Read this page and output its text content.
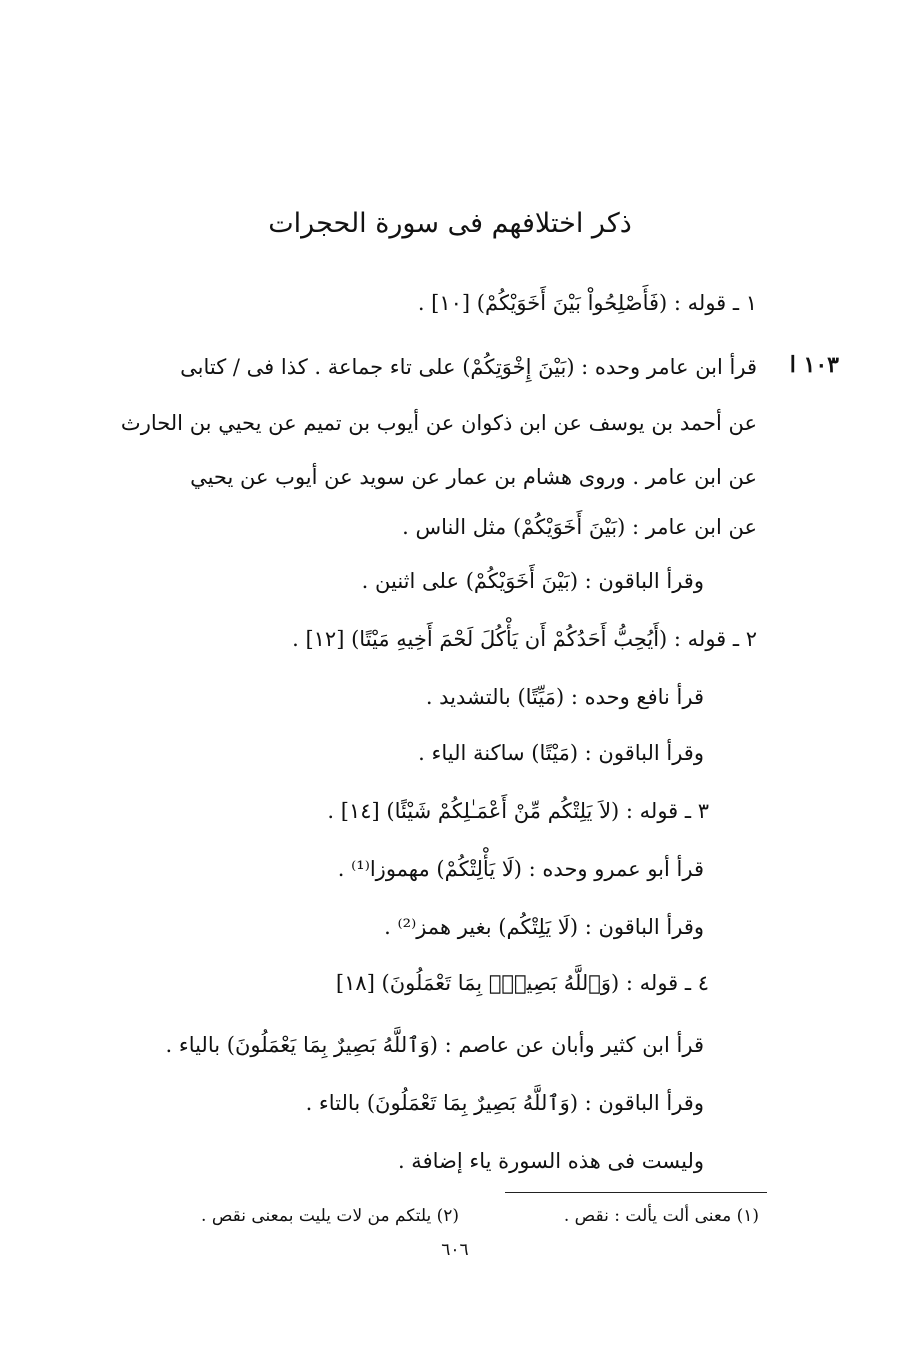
ذكر اختلافهم فى سورة الحجرات
١٠٣ ا
١ ـ قوله : (فَأَصْلِحُواْ بَيْنَ أَخَوَيْكُمْ) [١٠] .
قرأ ابن عامر وحده : (بَيْنَ إِخْوَتِكُمْ) على تاء جماعة . كذا فى / كتابى
عن أحمد بن يوسف عن ابن ذكوان عن أيوب بن تميم عن يحيي بن الحارث
عن ابن عامر . وروى هشام بن عمار عن سويد عن أيوب عن يحيي
عن ابن عامر : (بَيْنَ أَخَوَيْكُمْ) مثل الناس .
وقرأ الباقون : (بَيْنَ أَخَوَيْكُمْ) على اثنين .
٢ ـ قوله : (أَيُحِبُّ أَحَدُكُمْ أَن يَأْكُلَ لَحْمَ أَخِيهِ مَيْتًا) [١٢] .
قرأ نافع وحده : (مَيِّتًا) بالتشديد .
وقرأ الباقون : (مَيْتًا) ساكنة الياء .
٣ ـ قوله : (لاَ يَلِتْكُم مِّنْ أَعْمَـٰلِكُمْ شَيْئًا) [١٤] .
قرأ أبو عمرو وحده : (لَا يَأْلِتْكُمْ) مهموزا⁽¹⁾ .
وقرأ الباقون : (لَا يَلِتْكُم) بغير همز⁽²⁾ .
٤ ـ قوله : (وَٱللَّهُ بَصِيرُۢ بِمَا تَعْمَلُونَ) [١٨]
قرأ ابن كثير وأبان عن عاصم : (وَٱللَّهُ بَصِيرٌ بِمَا يَعْمَلُونَ) بالياء .
وقرأ الباقون : (وَٱللَّهُ بَصِيرٌ بِمَا تَعْمَلُونَ) بالتاء .
وليست فى هذه السورة ياء إضافة .
(١) معنى ألت يألت : نقص .
(٢) يلتكم من لات يليت بمعنى نقص .
٦٠٦
